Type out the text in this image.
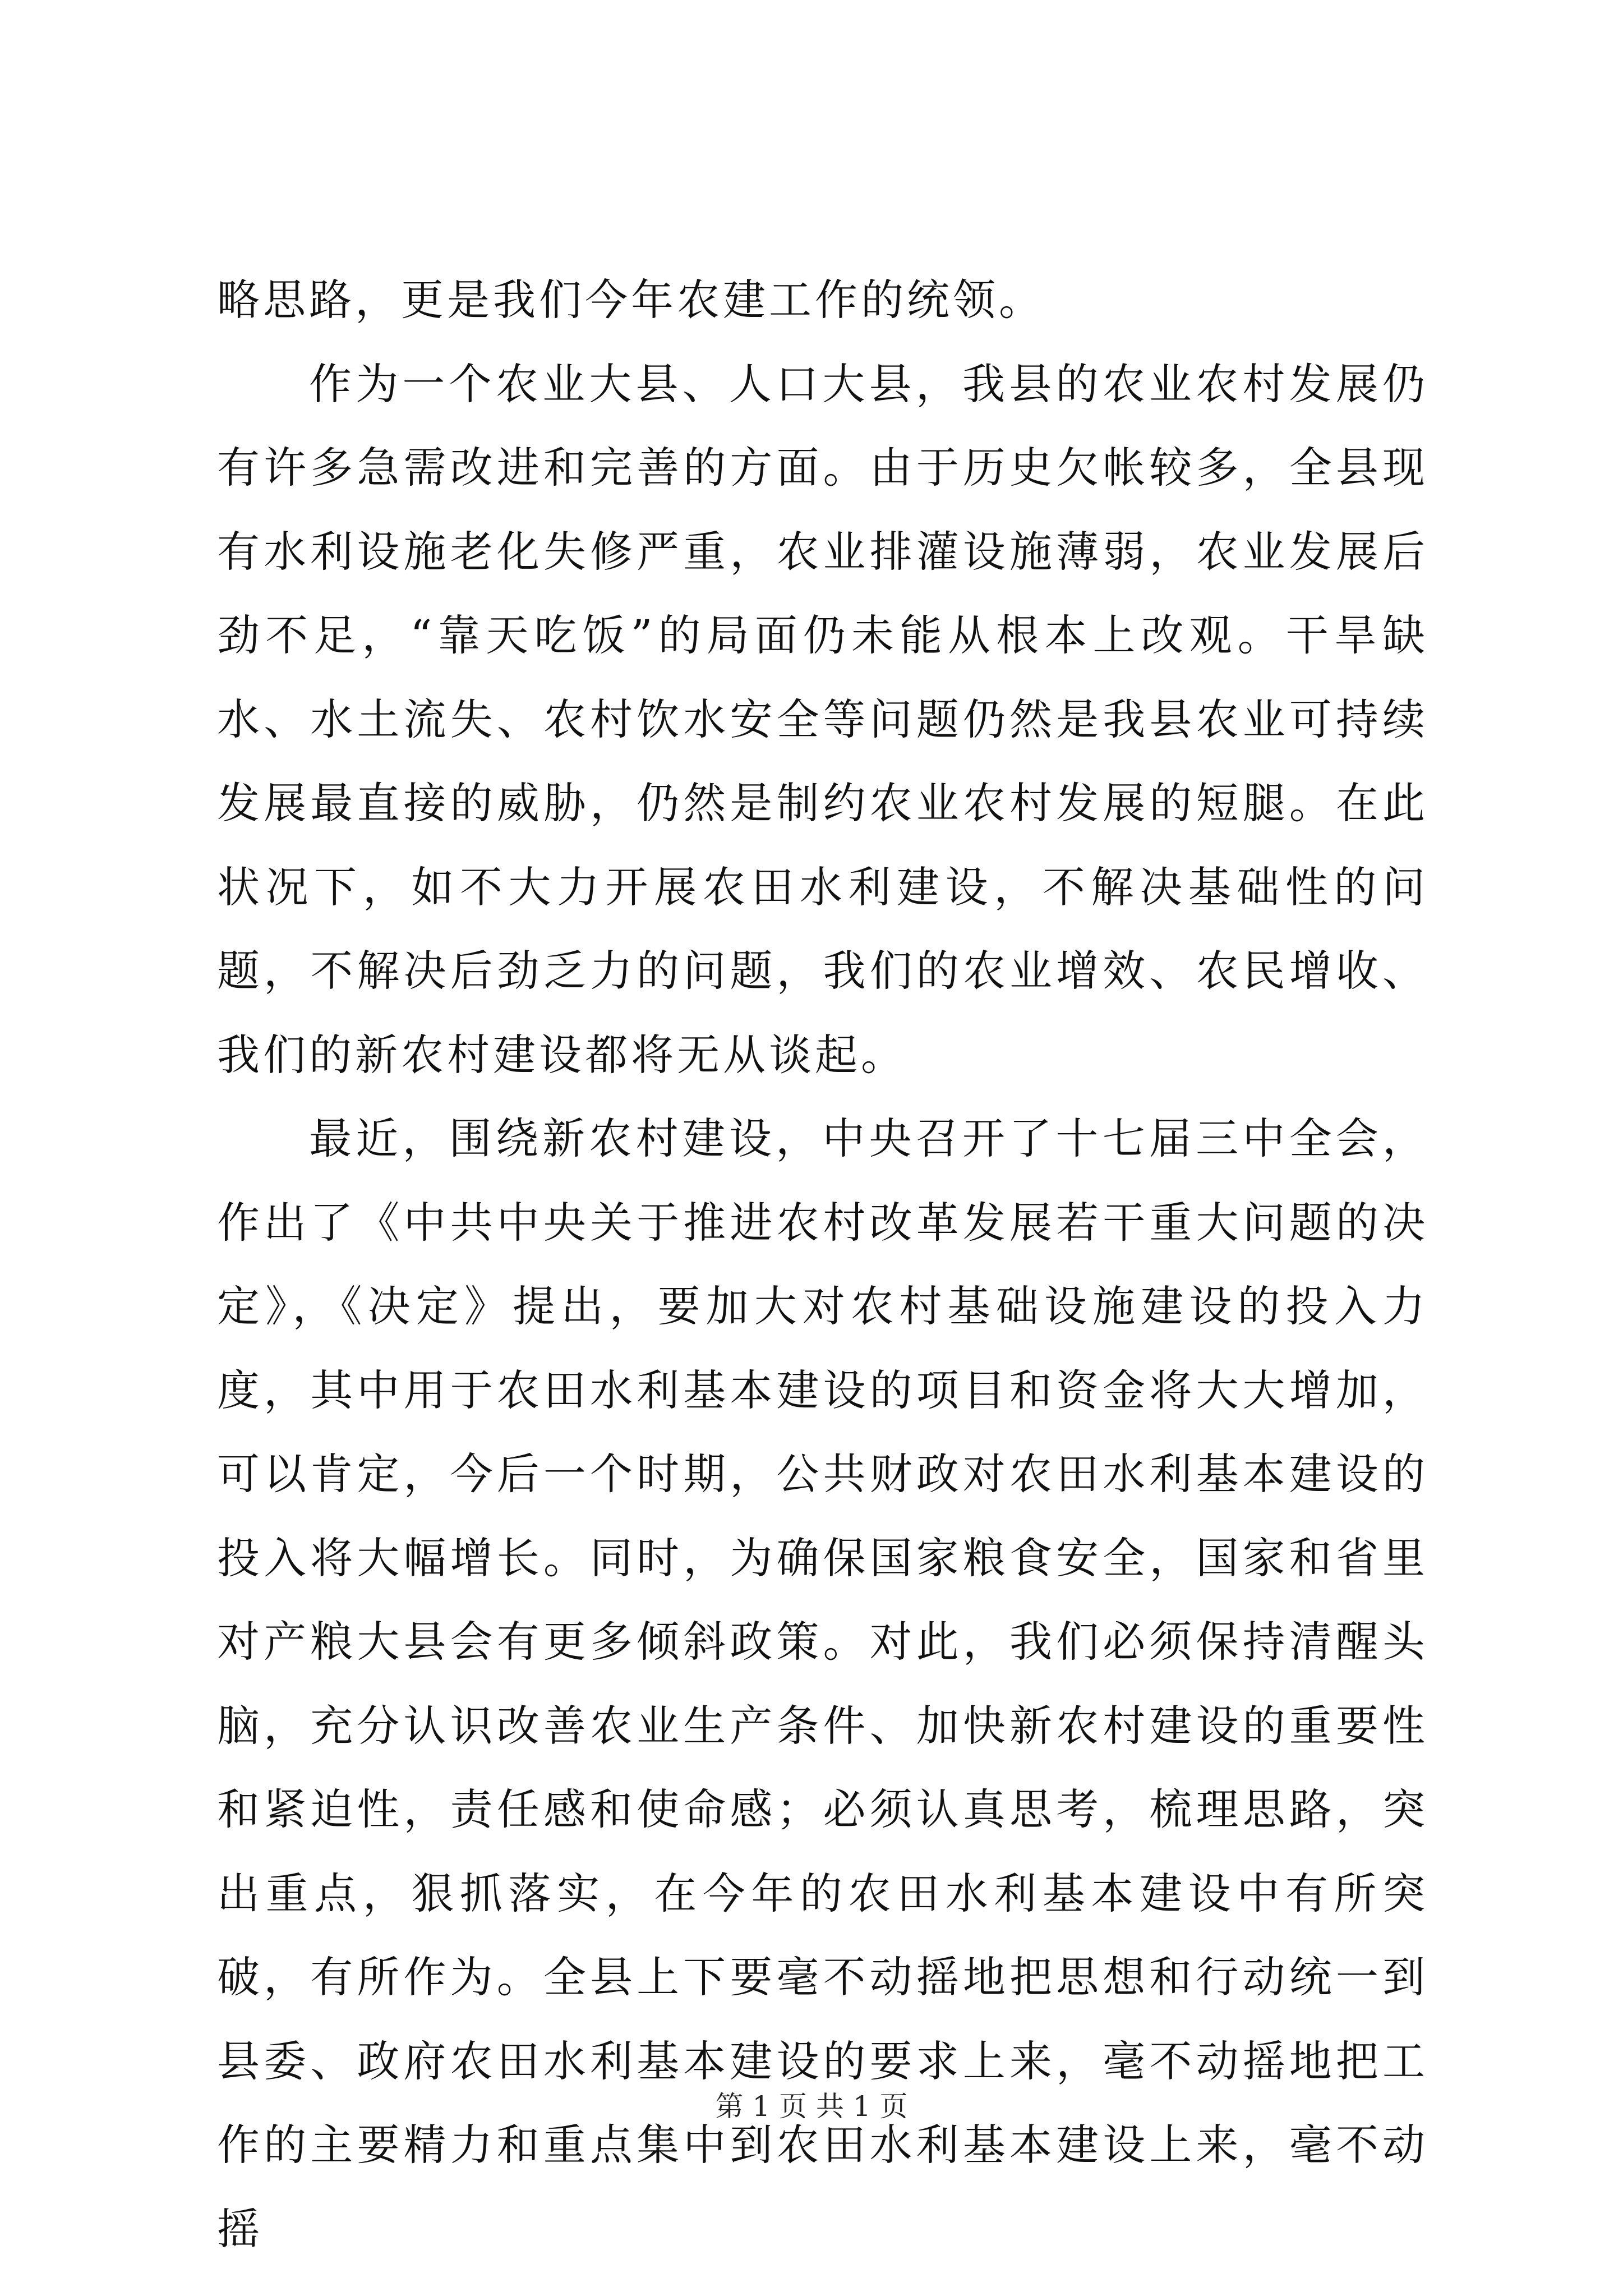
略思路，更是我们今年农建工作的统领。

作为一个农业大县、人口大县，我县的农业农村发展仍有许多急需改进和完善的方面。由于历史欠帐较多，全县现有水利设施老化失修严重，农业排灌设施薄弱，农业发展后劲不足，“靠天吃饭”的局面仍未能从根本上改观。干旱缺水、水土流失、农村饮水安全等问题仍然是我县农业可持续发展最直接的威胁，仍然是制约农业农村发展的短腿。在此状况下，如不大力开展农田水利建设，不解决基础性的问题，不解决后劲乏力的问题，我们的农业增效、农民增收、我们的新农村建设都将无从谈起。

最近，围绕新农村建设，中央召开了十七届三中全会，作出了《中共中央关于推进农村改革发展若干重大问题的决定》，《决定》提出，要加大对农村基础设施建设的投入力度，其中用于农田水利基本建设的项目和资金将大大增加，可以肯定，今后一个时期，公共财政对农田水利基本建设的投入将大幅增长。同时，为确保国家粮食安全，国家和省里对产粮大县会有更多倾斜政策。对此，我们必须保持清醒头脑，充分认识改善农业生产条件、加快新农村建设的重要性和紧迫性，责任感和使命感；必须认真思考，梳理思路，突出重点，狠抓落实，在今年的农田水利基本建设中有所突破，有所作为。全县上下要毫不动摇地把思想和行动统一到县委、政府农田水利基本建设的要求上来，毫不动摇地把工作的主要精力和重点集中到农田水利基本建设上来，毫不动摇

第 1 页 共 1 页
